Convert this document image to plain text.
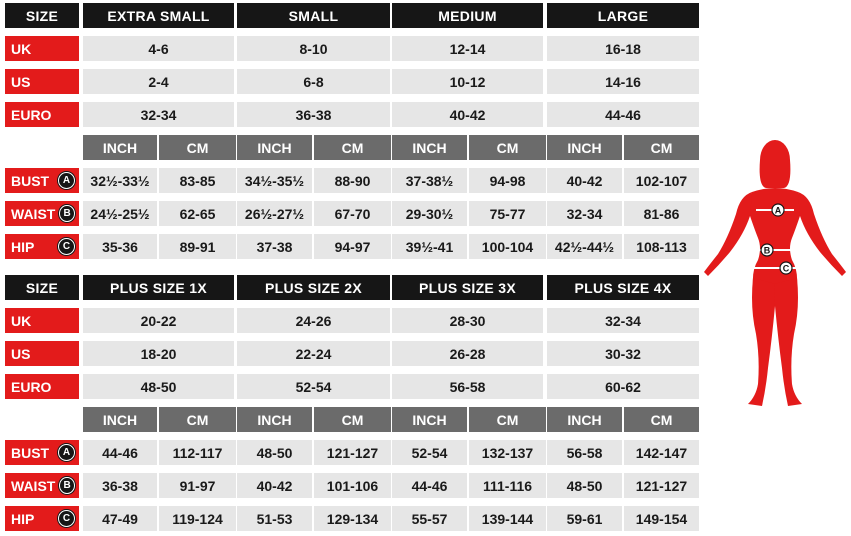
SIZE	EXTRA SMALL	SMALL	MEDIUM	LARGE
UK	4-6	8-10	12-14	16-18
US	2-4	6-8	10-12	14-16
EURO	32-34	36-38	40-42	44-46
INCH	CM	INCH	CM	INCH	CM	INCH	CM
BUST	A	32½-33½	83-85	34½-35½	88-90	37-38½	94-98	40-42	102-107
WAIST B	24½-25½	62-65	26½-27½	67-70	29-30½	75-77	32-34	81-86
HIP	C	35-36	89-91	37-38	94-97	39½-41	100-104	42½-44½	108-113
SIZE	PLUS SIZE 1X	PLUS SIZE 2X	PLUS SIZE 3X	PLUS SIZE 4X
UK	20-22	24-26	28-30	32-34
US	18-20	22-24	26-28	30-32
EURO	48-50	52-54	56-58	60-62
INCH	CM	INCH	CM	INCH	CM	INCH	CM
BUST	A	44-46	112-117	48-50	121-127	52-54	132-137	56-58	142-147
WAIST B	36-38	91-97	40-42	101-106	44-46	111-116	48-50	121-127
HIP	C	47-49	119-124	51-53	129-134	55-57	139-144	59-61	149-154
A
B
C
